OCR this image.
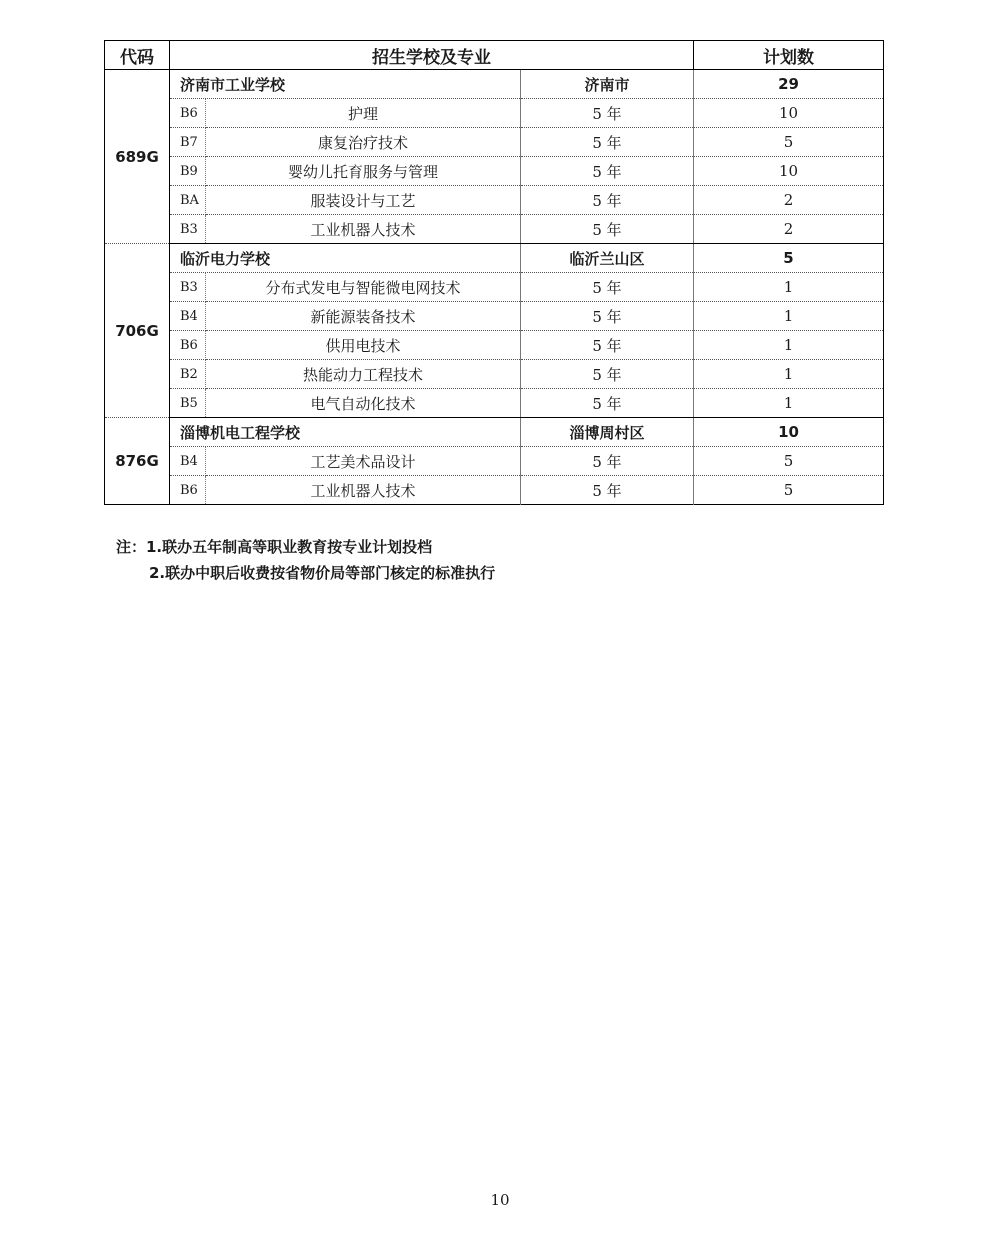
代码	招生学校及专业			计划数
689G	济南市工业学校		济南市	29
	B6	护理	5 年	10
	B7	康复治疗技术	5 年	5
	B9	婴幼儿托育服务与管理	5 年	10
	BA	服装设计与工艺	5 年	2
	B3	工业机器人技术	5 年	2
706G	临沂电力学校		临沂兰山区	5
	B3	分布式发电与智能微电网技术	5 年	1
	B4	新能源装备技术	5 年	1
	B6	供用电技术	5 年	1
	B2	热能动力工程技术	5 年	1
	B5	电气自动化技术	5 年	1
876G	淄博机电工程学校		淄博周村区	10
	B4	工艺美术品设计	5 年	5
	B6	工业机器人技术	5 年	5
注：1.联办五年制高等职业教育按专业计划投档
2.联办中职后收费按省物价局等部门核定的标准执行
10
